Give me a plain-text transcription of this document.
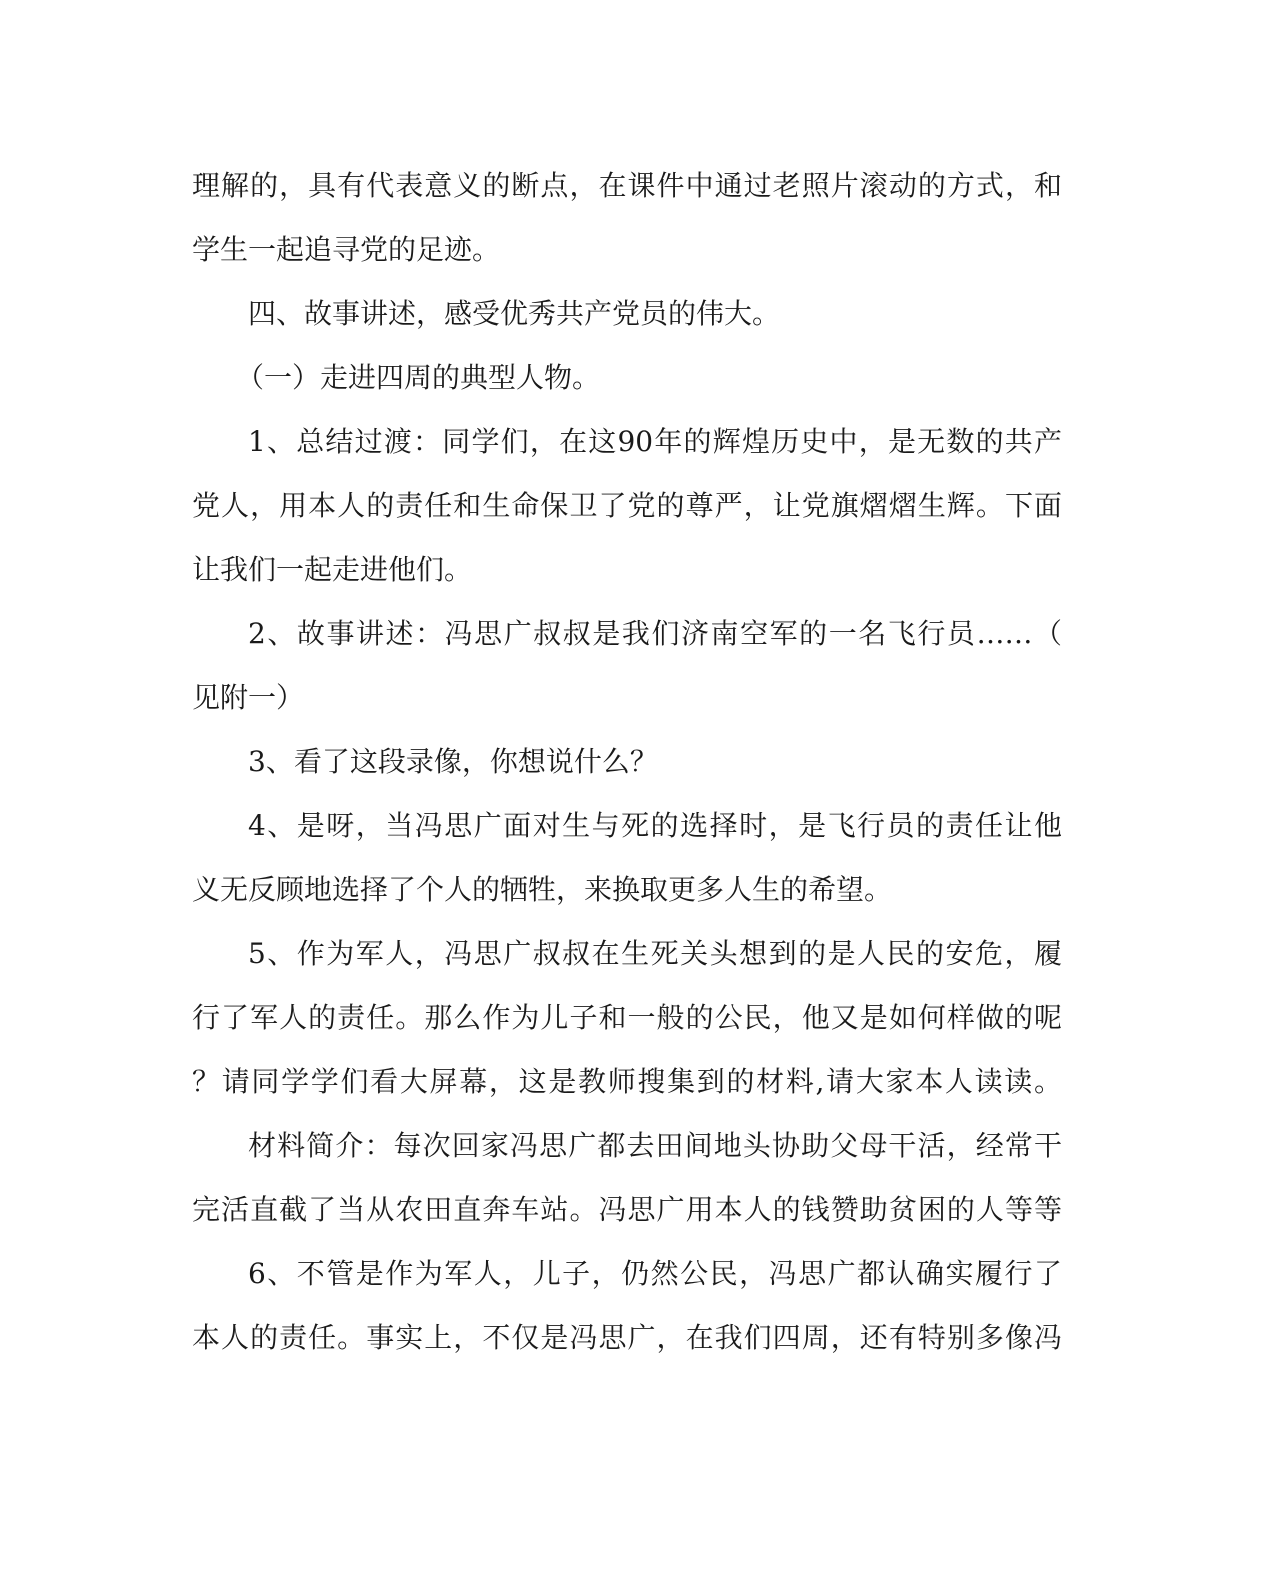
理解的，具有代表意义的断点，在课件中通过老照片滚动的方式，和
学生一起追寻党的足迹。
四、故事讲述，感受优秀共产党员的伟大。
（一）走进四周的典型人物。
1、总结过渡：同学们，在这90年的辉煌历史中，是无数的共产
党人，用本人的责任和生命保卫了党的尊严，让党旗熠熠生辉。下面
让我们一起走进他们。
2、故事讲述：冯思广叔叔是我们济南空军的一名飞行员……（
见附一）
3、看了这段录像，你想说什么？
4、是呀，当冯思广面对生与死的选择时，是飞行员的责任让他
义无反顾地选择了个人的牺牲，来换取更多人生的希望。
5、作为军人，冯思广叔叔在生死关头想到的是人民的安危，履
行了军人的责任。那么作为儿子和一般的公民，他又是如何样做的呢
？请同学学们看大屏幕，这是教师搜集到的材料,请大家本人读读。
材料简介：每次回家冯思广都去田间地头协助父母干活，经常干
完活直截了当从农田直奔车站。冯思广用本人的钱赞助贫困的人等等
6、不管是作为军人，儿子，仍然公民，冯思广都认确实履行了
本人的责任。事实上，不仅是冯思广，在我们四周，还有特别多像冯
